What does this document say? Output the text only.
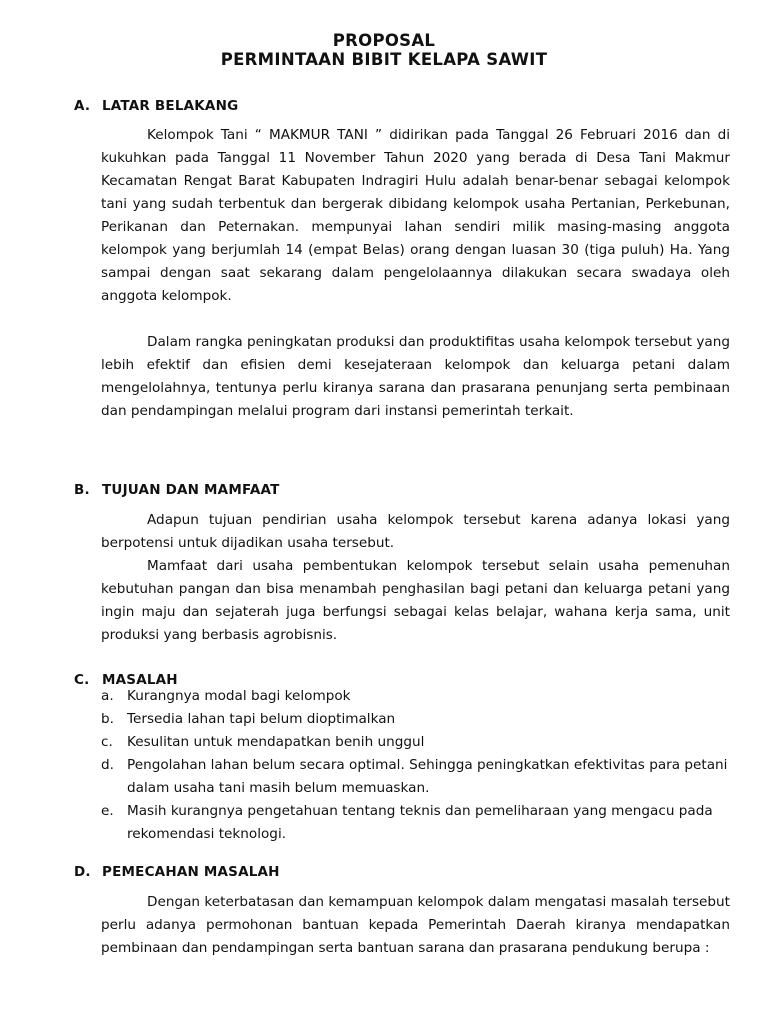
PROPOSAL
PERMINTAAN BIBIT KELAPA SAWIT
A. LATAR BELAKANG

Kelompok Tani “ MAKMUR TANI ” didirikan pada Tanggal 26 Februari 2016 dan di kukuhkan pada Tanggal 11 November Tahun 2020 yang berada di Desa Tani Makmur Kecamatan Rengat Barat Kabupaten Indragiri Hulu adalah benar-benar sebagai kelompok tani yang sudah terbentuk dan bergerak dibidang kelompok usaha Pertanian, Perkebunan, Perikanan dan Peternakan. mempunyai lahan sendiri milik masing-masing anggota kelompok yang berjumlah 14 (empat Belas) orang dengan luasan 30 (tiga puluh) Ha. Yang sampai dengan saat sekarang dalam pengelolaannya dilakukan secara swadaya oleh anggota kelompok.

Dalam rangka peningkatan produksi dan produktifitas usaha kelompok tersebut yang lebih efektif dan efisien demi kesejateraan kelompok dan keluarga petani dalam mengelolahnya, tentunya perlu kiranya sarana dan prasarana penunjang serta pembinaan dan pendampingan melalui program dari instansi pemerintah terkait.

B. TUJUAN DAN MAMFAAT

Adapun tujuan pendirian usaha kelompok tersebut karena adanya lokasi yang berpotensi untuk dijadikan usaha tersebut.

Mamfaat dari usaha pembentukan kelompok tersebut selain usaha pemenuhan kebutuhan pangan dan bisa menambah penghasilan bagi petani dan keluarga petani yang ingin maju dan sejaterah juga berfungsi sebagai kelas belajar, wahana kerja sama, unit produksi yang berbasis agrobisnis.

C. MASALAH
a. Kurangnya modal bagi kelompok
b. Tersedia lahan tapi belum dioptimalkan
c. Kesulitan untuk mendapatkan benih unggul
d. Pengolahan lahan belum secara optimal. Sehingga peningkatkan efektivitas para petani dalam usaha tani masih belum memuaskan.
e. Masih kurangnya pengetahuan tentang teknis dan pemeliharaan yang mengacu pada rekomendasi teknologi.
D. PEMECAHAN MASALAH

Dengan keterbatasan dan kemampuan kelompok dalam mengatasi masalah tersebut perlu adanya permohonan bantuan kepada Pemerintah Daerah kiranya mendapatkan pembinaan dan pendampingan serta bantuan sarana dan prasarana pendukung berupa :
